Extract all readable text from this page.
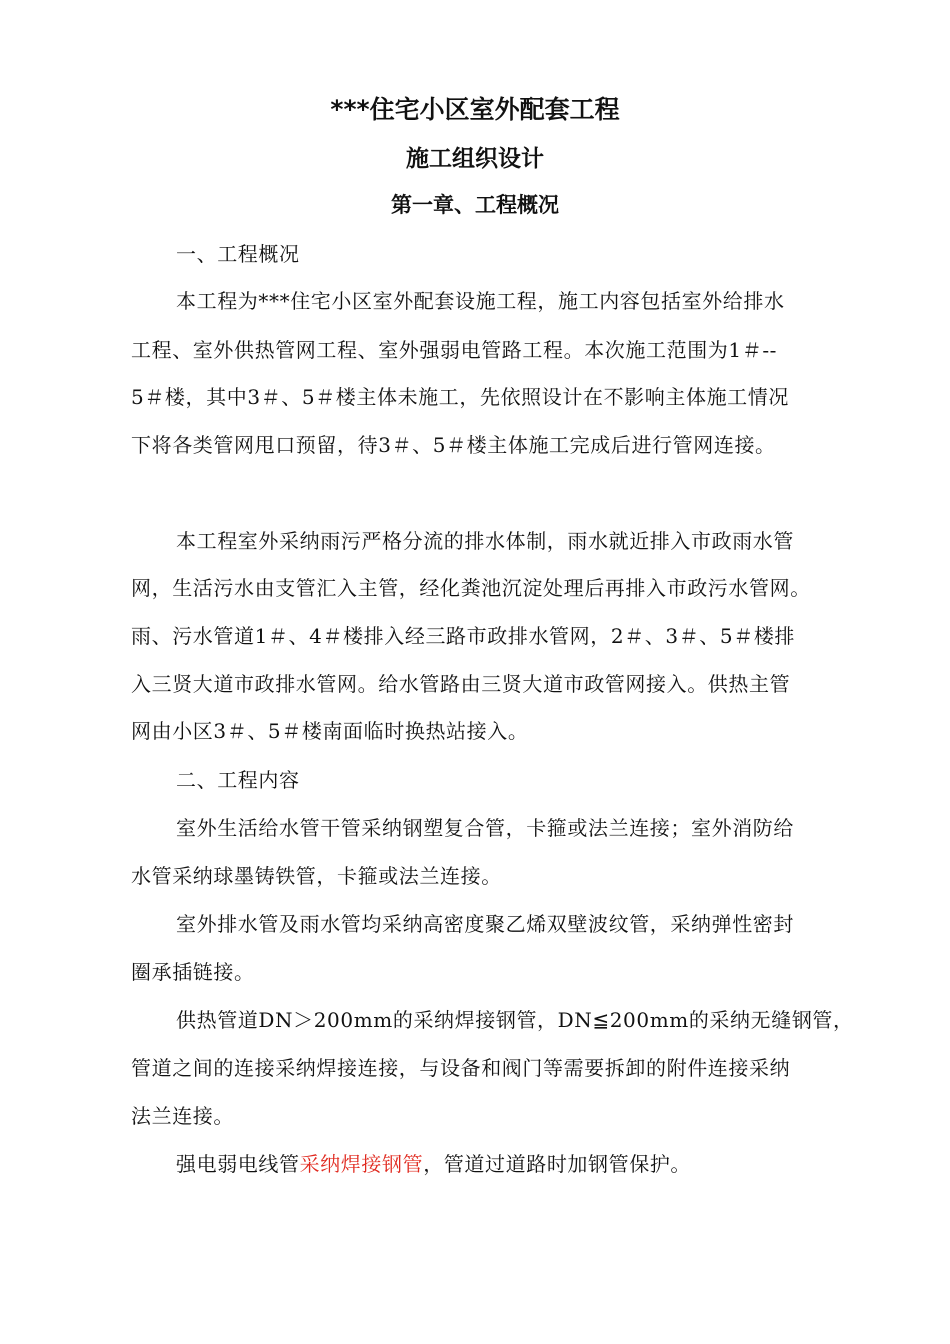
***住宅小区室外配套工程
施工组织设计
第一章、工程概况
一、工程概况
本工程为***住宅小区室外配套设施工程，施工内容包括室外给排水
工程、室外供热管网工程、室外强弱电管路工程。本次施工范围为1＃--
5＃楼，其中3＃、5＃楼主体未施工，先依照设计在不影响主体施工情况
下将各类管网甩口预留，待3＃、5＃楼主体施工完成后进行管网连接。
本工程室外采纳雨污严格分流的排水体制，雨水就近排入市政雨水管
网，生活污水由支管汇入主管，经化粪池沉淀处理后再排入市政污水管网。
雨、污水管道1＃、4＃楼排入经三路市政排水管网，2＃、3＃、5＃楼排
入三贤大道市政排水管网。给水管路由三贤大道市政管网接入。供热主管
网由小区3＃、5＃楼南面临时换热站接入。
二、工程内容
室外生活给水管干管采纳钢塑复合管，卡箍或法兰连接；室外消防给
水管采纳球墨铸铁管，卡箍或法兰连接。
室外排水管及雨水管均采纳高密度聚乙烯双壁波纹管，采纳弹性密封
圈承插链接。
供热管道DN＞200mm的采纳焊接钢管，DN≦200mm的采纳无缝钢管，
管道之间的连接采纳焊接连接，与设备和阀门等需要拆卸的附件连接采纳
法兰连接。
强电弱电线管采纳焊接钢管，管道过道路时加钢管保护。
